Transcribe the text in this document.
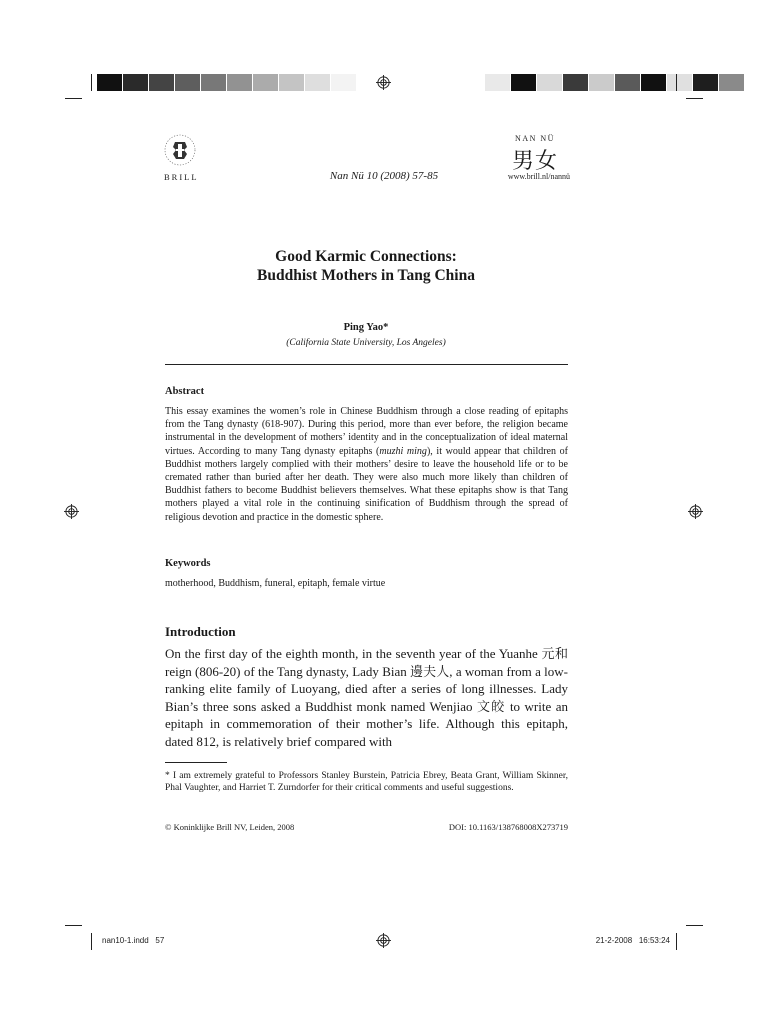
BRILL	Nan Nü 10 (2008) 57-85
NAN NÜ
男女
www.brill.nl/nannü
Good Karmic Connections:
Buddhist Mothers in Tang China
Ping Yao*
(California State University, Los Angeles)
Abstract
This essay examines the women’s role in Chinese Buddhism through a close reading of epitaphs from the Tang dynasty (618-907). During this period, more than ever before, the religion became instrumental in the development of mothers’ identity and in the conceptualization of ideal maternal virtues. According to many Tang dynasty epitaphs (muzhi ming), it would appear that children of Buddhist mothers largely complied with their mothers’ desire to leave the household life or to be cremated rather than buried after her death. They were also much more likely than children of Buddhist fathers to become Buddhist believers themselves. What these epitaphs show is that Tang mothers played a vital role in the continuing sinification of Buddhism through the spread of religious devotion and practice in the domestic sphere.
Keywords
motherhood, Buddhism, funeral, epitaph, female virtue
Introduction
On the first day of the eighth month, in the seventh year of the Yuanhe 元和 reign (806-20) of the Tang dynasty, Lady Bian 邊夫人, a woman from a low-ranking elite family of Luoyang, died after a series of long illnesses. Lady Bian’s three sons asked a Buddhist monk named Wenjiao 文皎 to write an epitaph in commemoration of their mother’s life. Although this epitaph, dated 812, is relatively brief compared with
* I am extremely grateful to Professors Stanley Burstein, Patricia Ebrey, Beata Grant, William Skinner, Phal Vaughter, and Harriet T. Zurndorfer for their critical comments and useful suggestions.
© Koninklijke Brill NV, Leiden, 2008	DOI: 10.1163/138768008X273719
nan10-1.indd   57	21-2-2008   16:53:24
